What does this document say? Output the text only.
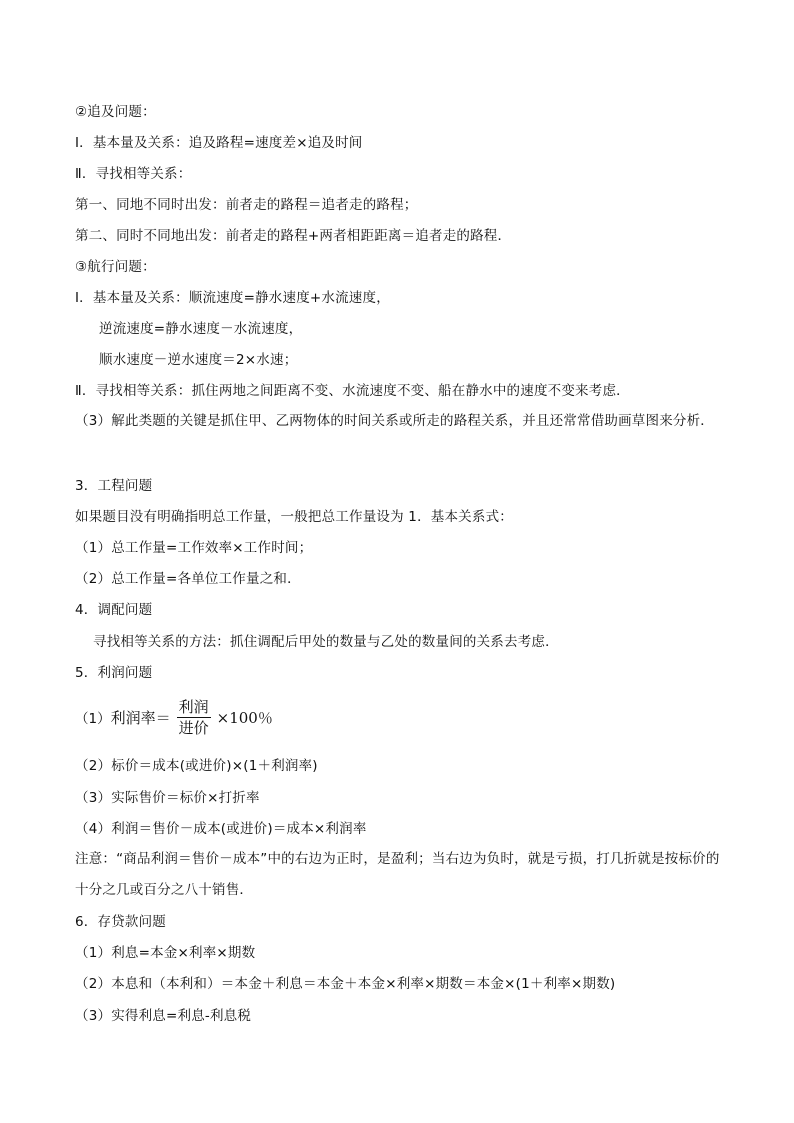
②追及问题：
Ⅰ．基本量及关系：追及路程=速度差×追及时间
Ⅱ．寻找相等关系：
第一、同地不同时出发：前者走的路程＝追者走的路程；
第二、同时不同地出发：前者走的路程+两者相距距离＝追者走的路程．
③航行问题：
Ⅰ．基本量及关系：顺流速度=静水速度+水流速度，
逆流速度=静水速度－水流速度，
顺水速度－逆水速度＝2×水速；
Ⅱ．寻找相等关系：抓住两地之间距离不变、水流速度不变、船在静水中的速度不变来考虑．
（3）解此类题的关键是抓住甲、乙两物体的时间关系或所走的路程关系，并且还常常借助画草图来分析．
3．工程问题
如果题目没有明确指明总工作量，一般把总工作量设为 1．基本关系式：
（1）总工作量=工作效率×工作时间；
（2）总工作量=各单位工作量之和．
4．调配问题
寻找相等关系的方法：抓住调配后甲处的数量与乙处的数量间的关系去考虑．
5．利润问题
（1） 利润率＝ $\frac{\text{利润}}{\text{进价}} \times 100$％
（2）标价＝成本(或进价)×(1＋利润率)
（3）实际售价＝标价×打折率
（4）利润＝售价－成本(或进价)＝成本×利润率
注意：“商品利润＝售价－成本”中的右边为正时，是盈利；当右边为负时，就是亏损，打几折就是按标价的十分之几或百分之八十销售．
6．存贷款问题
（1）利息=本金×利率×期数
（2）本息和（本利和）＝本金＋利息＝本金＋本金×利率×期数＝本金×(1＋利率×期数)
（3）实得利息=利息-利息税
